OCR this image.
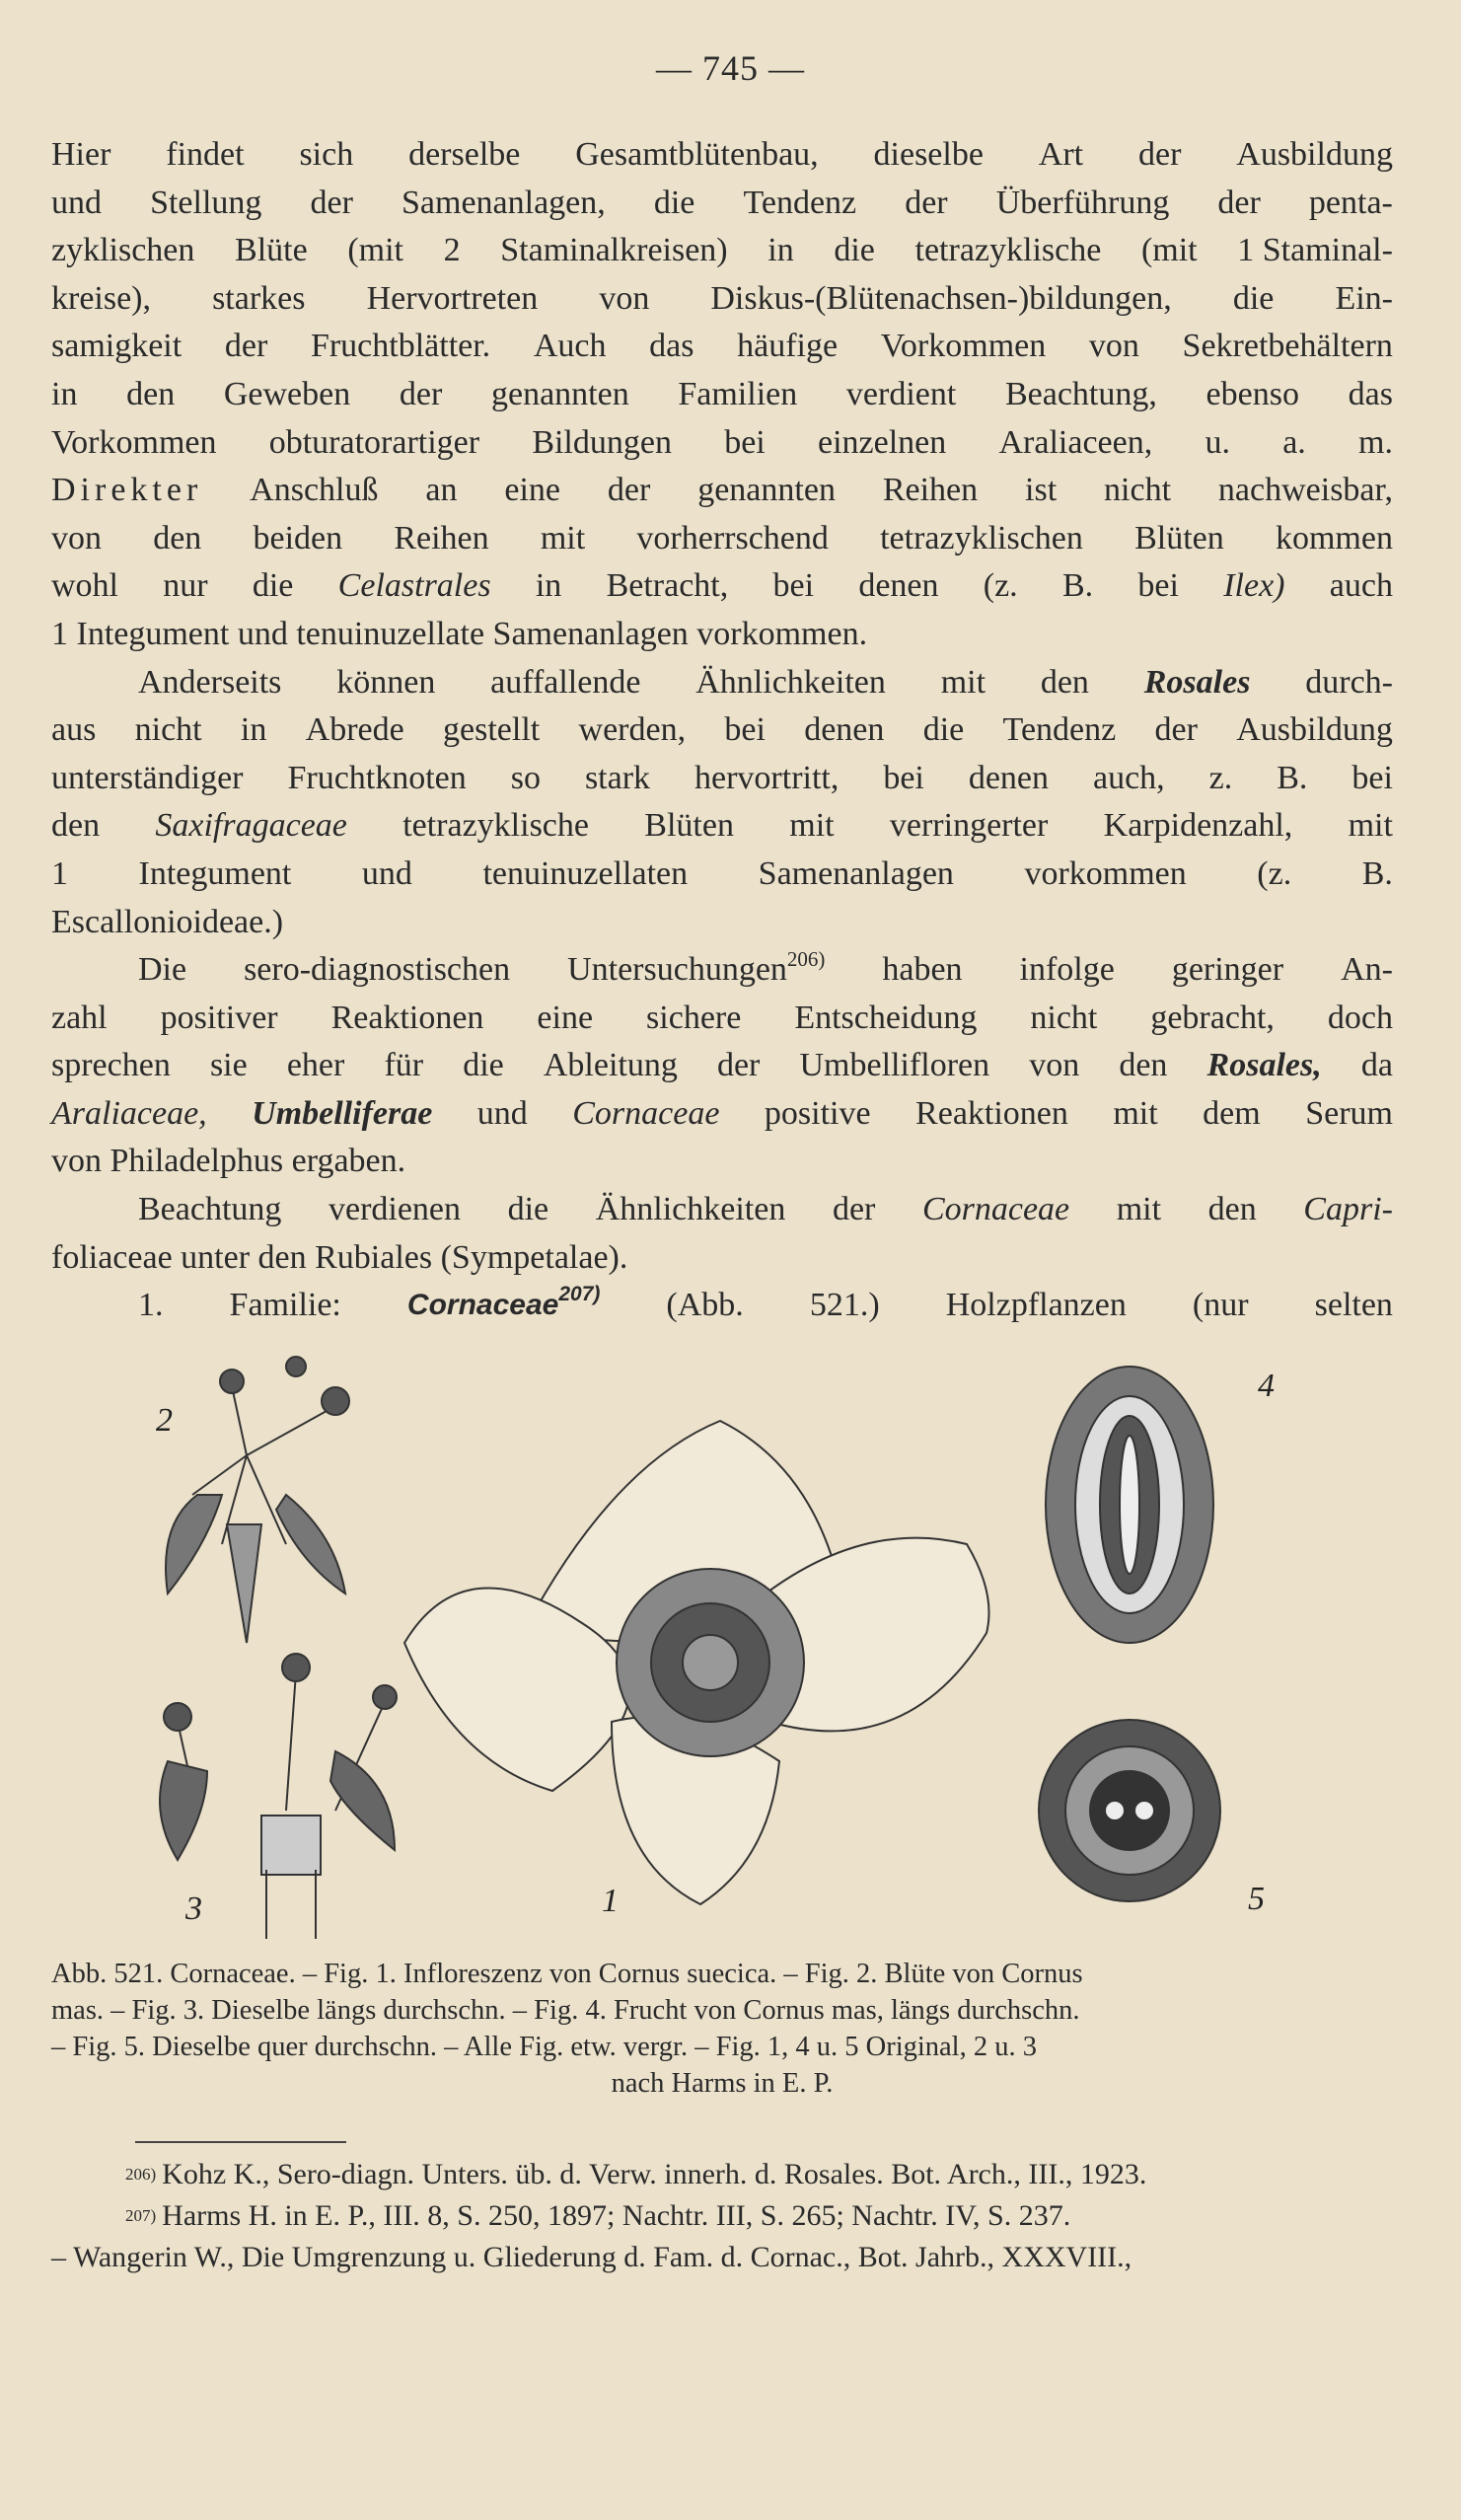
— 745 —
Hier findet sich derselbe Gesamtblütenbau, dieselbe Art der Ausbildung
und Stellung der Samenanlagen, die Tendenz der Überführung der penta-
zyklischen Blüte (mit 2 Staminalkreisen) in die tetrazyklische (mit 1 Staminal-
kreise), starkes Hervortreten von Diskus-(Blütenachsen-)bildungen, die Ein-
samigkeit der Fruchtblätter. Auch das häufige Vorkommen von Sekretbehältern
in den Geweben der genannten Familien verdient Beachtung, ebenso das
Vorkommen obturatorartiger Bildungen bei einzelnen Araliaceen, u. a. m.
Direkter Anschluß an eine der genannten Reihen ist nicht nachweisbar,
von den beiden Reihen mit vorherrschend tetrazyklischen Blüten kommen
wohl nur die Celastrales in Betracht, bei denen (z. B. bei Ilex) auch
1 Integument und tenuinuzellate Samenanlagen vorkommen.
Anderseits können auffallende Ähnlichkeiten mit den Rosales durch-
aus nicht in Abrede gestellt werden, bei denen die Tendenz der Ausbildung
unterständiger Fruchtknoten so stark hervortritt, bei denen auch, z. B. bei
den Saxifragaceae tetrazyklische Blüten mit verringerter Karpidenzahl, mit
1 Integument und tenuinuzellaten Samenanlagen vorkommen (z. B.
Escallonioideae.)
Die sero-diagnostischen Untersuchungen$^{206)}$ haben infolge geringer An-
zahl positiver Reaktionen eine sichere Entscheidung nicht gebracht, doch
sprechen sie eher für die Ableitung der Umbellifloren von den Rosales, da
Araliaceae, Umbelliferae und Cornaceae positive Reaktionen mit dem Serum
von Philadelphus ergaben.
Beachtung verdienen die Ähnlichkeiten der Cornaceae mit den Capri-
foliaceae unter den Rubiales (Sympetalae).
1. Familie: Cornaceae$^{207)}$ (Abb. 521.) Holzpflanzen (nur selten
2
3	1
4
5
Abb. 521. Cornaceae. – Fig. 1. Infloreszenz von Cornus suecica. – Fig. 2. Blüte von Cornus
mas. – Fig. 3. Dieselbe längs durchschn. – Fig. 4. Frucht von Cornus mas, längs durchschn.
– Fig. 5. Dieselbe quer durchschn. – Alle Fig. etw. vergr. – Fig. 1, 4 u. 5 Original, 2 u. 3
nach Harms in E. P.
206) Kohz K., Sero-diagn. Unters. üb. d. Verw. innerh. d. Rosales. Bot. Arch., III., 1923.
207) Harms H. in E. P., III. 8, S. 250, 1897; Nachtr. III, S. 265; Nachtr. IV, S. 237.
– Wangerin W., Die Umgrenzung u. Gliederung d. Fam. d. Cornac., Bot. Jahrb., XXXVIII.,
